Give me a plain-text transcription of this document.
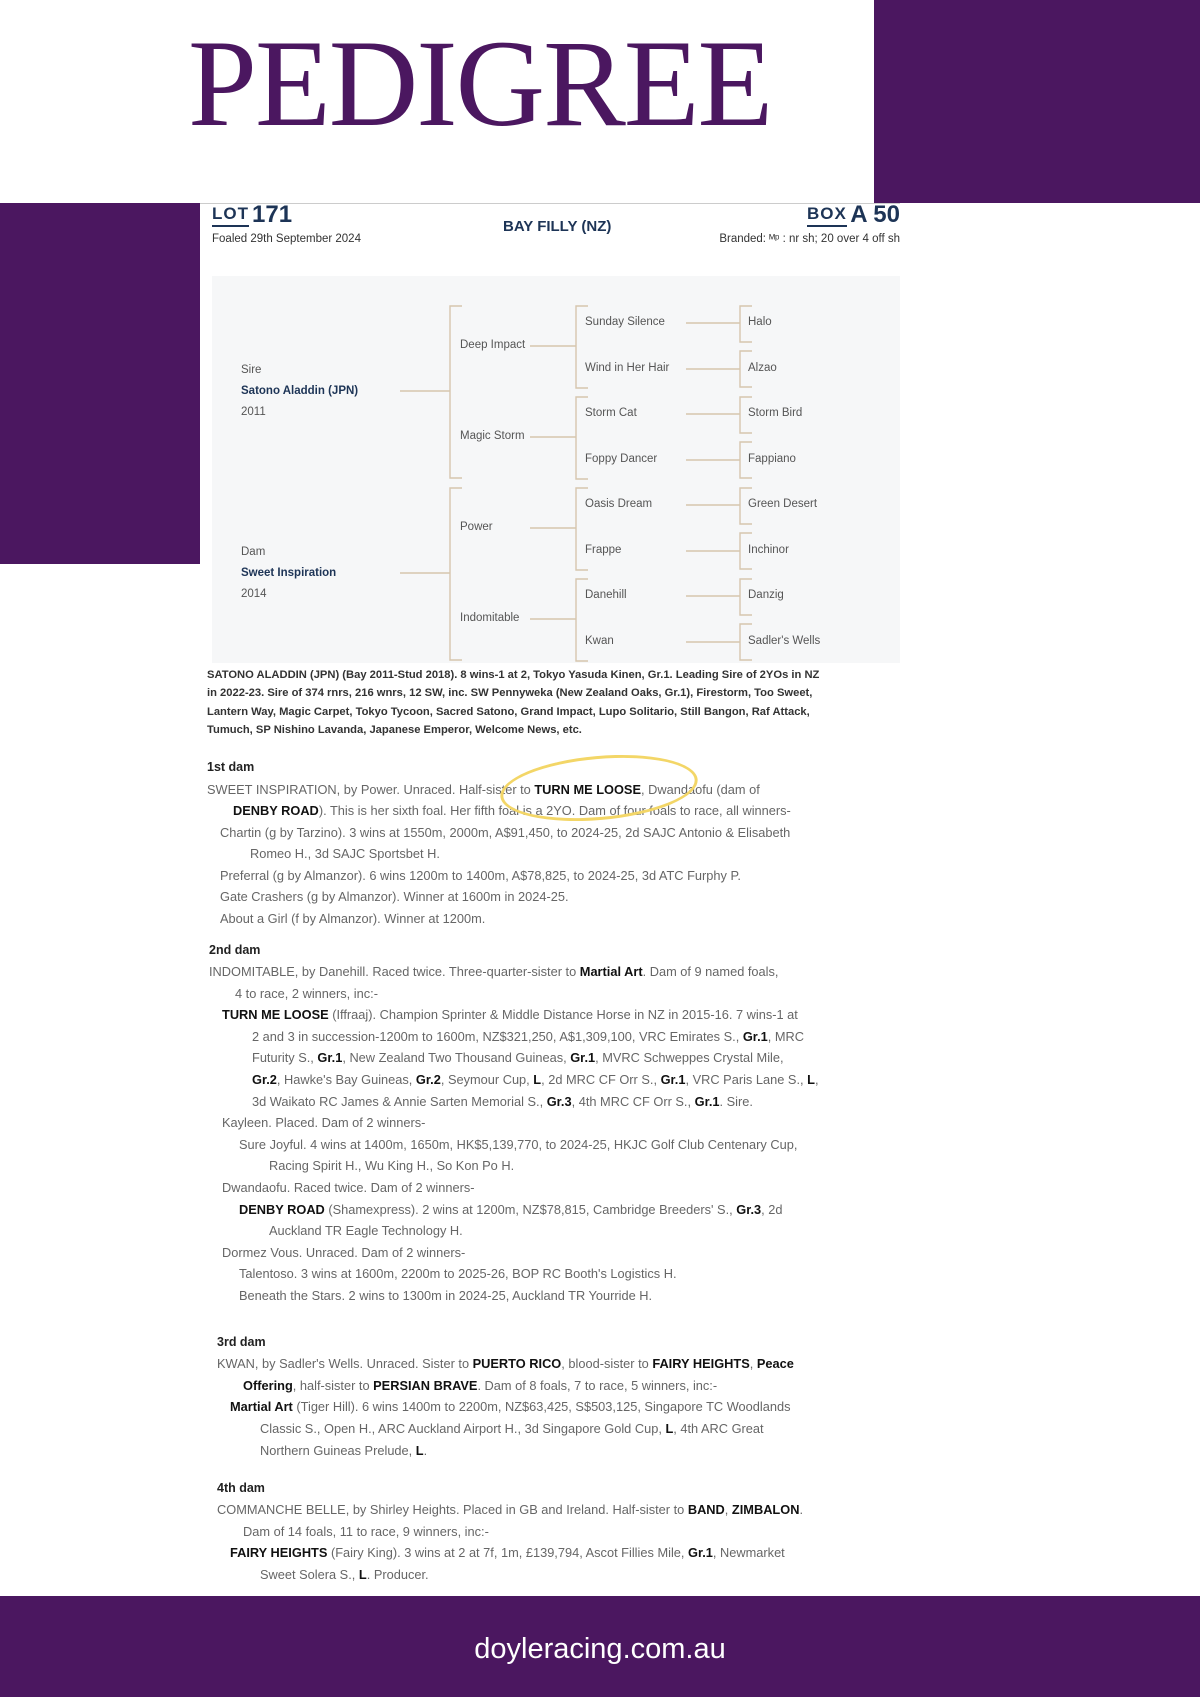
PEDIGREE
LOT 171	BOX A 50
BAY FILLY (NZ)
Foaled 29th September 2024	Branded: ᴹᵖ : nr sh; 20 over 4 off sh
Sire
Satono Aladdin (JPN)
2011
Dam
Sweet Inspiration
2014
Deep Impact
Magic Storm
Power
Indomitable
Sunday Silence
Wind in Her Hair
Storm Cat
Foppy Dancer
Oasis Dream
Frappe
Danehill
Kwan
Halo
Alzao
Storm Bird
Fappiano
Green Desert
Inchinor
Danzig
Sadler's Wells
SATONO ALADDIN (JPN) (Bay 2011-Stud 2018). 8 wins-1 at 2, Tokyo Yasuda Kinen, Gr.1. Leading Sire of 2YOs in NZ in 2022-23. Sire of 374 rnrs, 216 wnrs, 12 SW, inc. SW Pennyweka (New Zealand Oaks, Gr.1), Firestorm, Too Sweet, Lantern Way, Magic Carpet, Tokyo Tycoon, Sacred Satono, Grand Impact, Lupo Solitario, Still Bangon, Raf Attack, Tumuch, SP Nishino Lavanda, Japanese Emperor, Welcome News, etc.
1st dam
SWEET INSPIRATION, by Power. Unraced. Half-sister to TURN ME LOOSE, Dwandaofu (dam of
DENBY ROAD). This is her sixth foal. Her fifth foal is a 2YO. Dam of four foals to race, all winners-
Chartin (g by Tarzino). 3 wins at 1550m, 2000m, A$91,450, to 2024-25, 2d SAJC Antonio & Elisabeth
Romeo H., 3d SAJC Sportsbet H.
Preferral (g by Almanzor). 6 wins 1200m to 1400m, A$78,825, to 2024-25, 3d ATC Furphy P.
Gate Crashers (g by Almanzor). Winner at 1600m in 2024-25.
About a Girl (f by Almanzor). Winner at 1200m.
2nd dam
INDOMITABLE, by Danehill. Raced twice. Three-quarter-sister to Martial Art. Dam of 9 named foals,
4 to race, 2 winners, inc:-
TURN ME LOOSE (Iffraaj). Champion Sprinter & Middle Distance Horse in NZ in 2015-16. 7 wins-1 at
2 and 3 in succession-1200m to 1600m, NZ$321,250, A$1,309,100, VRC Emirates S., Gr.1, MRC
Futurity S., Gr.1, New Zealand Two Thousand Guineas, Gr.1, MVRC Schweppes Crystal Mile,
Gr.2, Hawke's Bay Guineas, Gr.2, Seymour Cup, L, 2d MRC CF Orr S., Gr.1, VRC Paris Lane S., L,
3d Waikato RC James & Annie Sarten Memorial S., Gr.3, 4th MRC CF Orr S., Gr.1. Sire.
Kayleen. Placed. Dam of 2 winners-
Sure Joyful. 4 wins at 1400m, 1650m, HK$5,139,770, to 2024-25, HKJC Golf Club Centenary Cup,
Racing Spirit H., Wu King H., So Kon Po H.
Dwandaofu. Raced twice. Dam of 2 winners-
DENBY ROAD (Shamexpress). 2 wins at 1200m, NZ$78,815, Cambridge Breeders' S., Gr.3, 2d
Auckland TR Eagle Technology H.
Dormez Vous. Unraced. Dam of 2 winners-
Talentoso. 3 wins at 1600m, 2200m to 2025-26, BOP RC Booth's Logistics H.
Beneath the Stars. 2 wins to 1300m in 2024-25, Auckland TR Yourride H.
3rd dam
KWAN, by Sadler's Wells. Unraced. Sister to PUERTO RICO, blood-sister to FAIRY HEIGHTS, Peace
Offering, half-sister to PERSIAN BRAVE. Dam of 8 foals, 7 to race, 5 winners, inc:-
Martial Art (Tiger Hill). 6 wins 1400m to 2200m, NZ$63,425, S$503,125, Singapore TC Woodlands
Classic S., Open H., ARC Auckland Airport H., 3d Singapore Gold Cup, L, 4th ARC Great
Northern Guineas Prelude, L.
4th dam
COMMANCHE BELLE, by Shirley Heights. Placed in GB and Ireland. Half-sister to BAND, ZIMBALON.
Dam of 14 foals, 11 to race, 9 winners, inc:-
FAIRY HEIGHTS (Fairy King). 3 wins at 2 at 7f, 1m, £139,794, Ascot Fillies Mile, Gr.1, Newmarket
Sweet Solera S., L. Producer.
doyleracing.com.au
